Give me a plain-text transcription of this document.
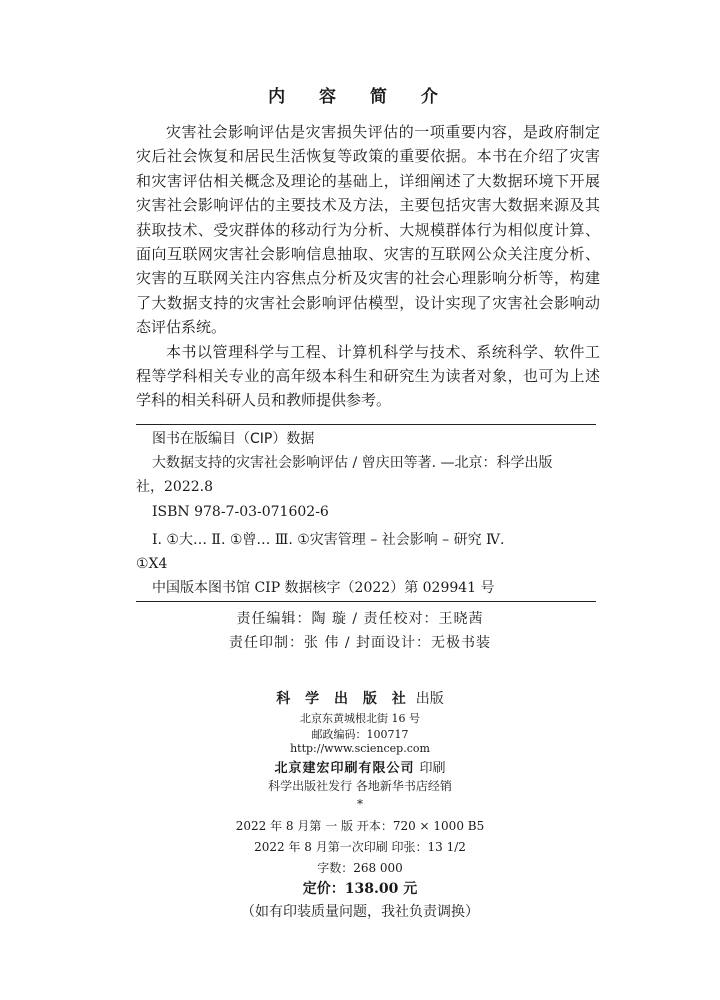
内 容 简 介

灾害社会影响评估是灾害损失评估的一项重要内容，是政府制定灾后社会恢复和居民生活恢复等政策的重要依据。本书在介绍了灾害和灾害评估相关概念及理论的基础上，详细阐述了大数据环境下开展灾害社会影响评估的主要技术及方法，主要包括灾害大数据来源及其获取技术、受灾群体的移动行为分析、大规模群体行为相似度计算、面向互联网灾害社会影响信息抽取、灾害的互联网公众关注度分析、灾害的互联网关注内容焦点分析及灾害的社会心理影响分析等，构建了大数据支持的灾害社会影响评估模型，设计实现了灾害社会影响动态评估系统。

本书以管理科学与工程、计算机科学与技术、系统科学、软件工程等学科相关专业的高年级本科生和研究生为读者对象，也可为上述学科的相关科研人员和教师提供参考。

图书在版编目（CIP）数据
大数据支持的灾害社会影响评估 / 曾庆田等著. —北京：科学出版
社，2022.8
ISBN 978-7-03-071602-6
Ⅰ. ①大… Ⅱ. ①曾… Ⅲ. ①灾害管理 – 社会影响 – 研究 Ⅳ.
①X4
中国版本图书馆 CIP 数据核字（2022）第 029941 号
责任编辑：陶 璇 / 责任校对：王晓茜
责任印制：张 伟 / 封面设计：无极书装
科 学 出 版 社 出版
北京东黄城根北街 16 号
邮政编码：100717
http://www.sciencep.com
北京建宏印刷有限公司 印刷
科学出版社发行 各地新华书店经销
*
2022 年 8 月第 一 版 开本：720 × 1000 B5
2022 年 8 月第一次印刷 印张：13 1/2
字数：268 000
定价：138.00 元
（如有印装质量问题，我社负责调换）
